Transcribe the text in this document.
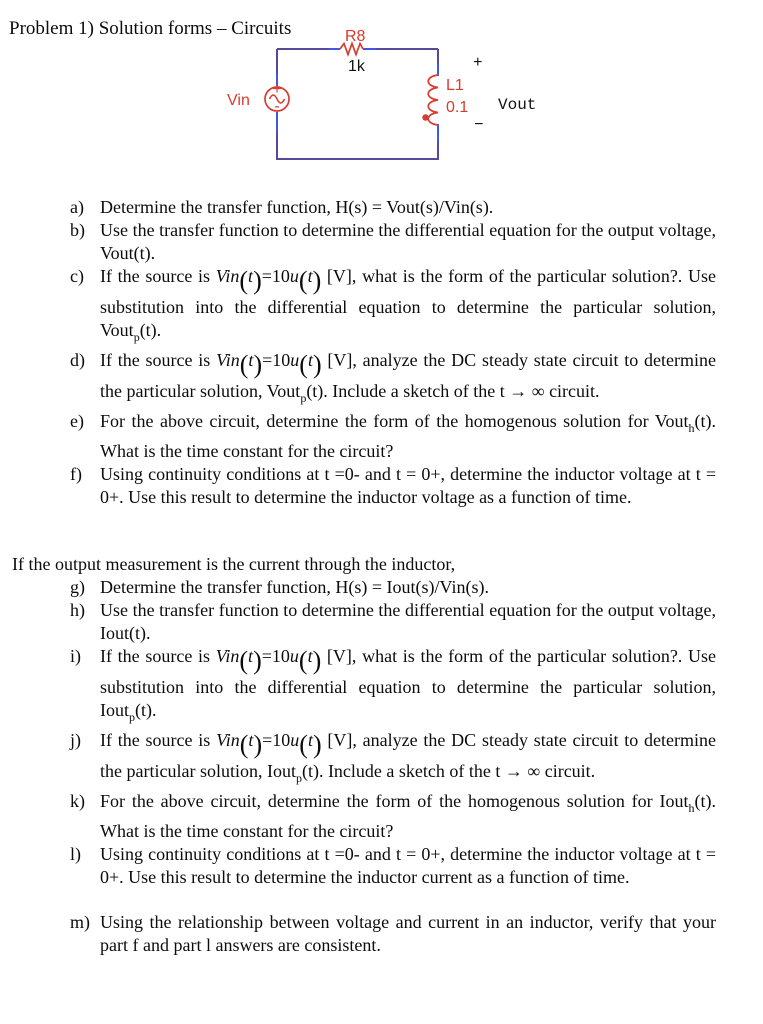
Problem 1) Solution forms – Circuits
+
-
R8
1k
Vin
L1
0.1
+
Vout
−
a) Determine the transfer function, H(s) = Vout(s)/Vin(s).
b) Use the transfer function to determine the differential equation for the output voltage, Vout(t).
c) If the source is Vin(t)=10u(t) [V], what is the form of the particular solution?. Use substitution into the differential equation to determine the particular solution, Vout$_p$(t).
d) If the source is Vin(t)=10u(t) [V], analyze the DC steady state circuit to determine the particular solution, Vout$_p$(t). Include a sketch of the t → ∞ circuit.
e) For the above circuit, determine the form of the homogenous solution for Vout$_h$(t). What is the time constant for the circuit?
f) Using continuity conditions at t =0- and t = 0+, determine the inductor voltage at t = 0+. Use this result to determine the inductor voltage as a function of time.
If the output measurement is the current through the inductor,
g) Determine the transfer function, H(s) = Iout(s)/Vin(s).
h) Use the transfer function to determine the differential equation for the output voltage, Iout(t).
i) If the source is Vin(t)=10u(t) [V], what is the form of the particular solution?. Use substitution into the differential equation to determine the particular solution, Iout$_p$(t).
j) If the source is Vin(t)=10u(t) [V], analyze the DC steady state circuit to determine the particular solution, Iout$_p$(t). Include a sketch of the t → ∞ circuit.
k) For the above circuit, determine the form of the homogenous solution for Iout$_h$(t). What is the time constant for the circuit?
l) Using continuity conditions at t =0- and t = 0+, determine the inductor voltage at t = 0+. Use this result to determine the inductor current as a function of time.
m) Using the relationship between voltage and current in an inductor, verify that your part f and part l answers are consistent.
